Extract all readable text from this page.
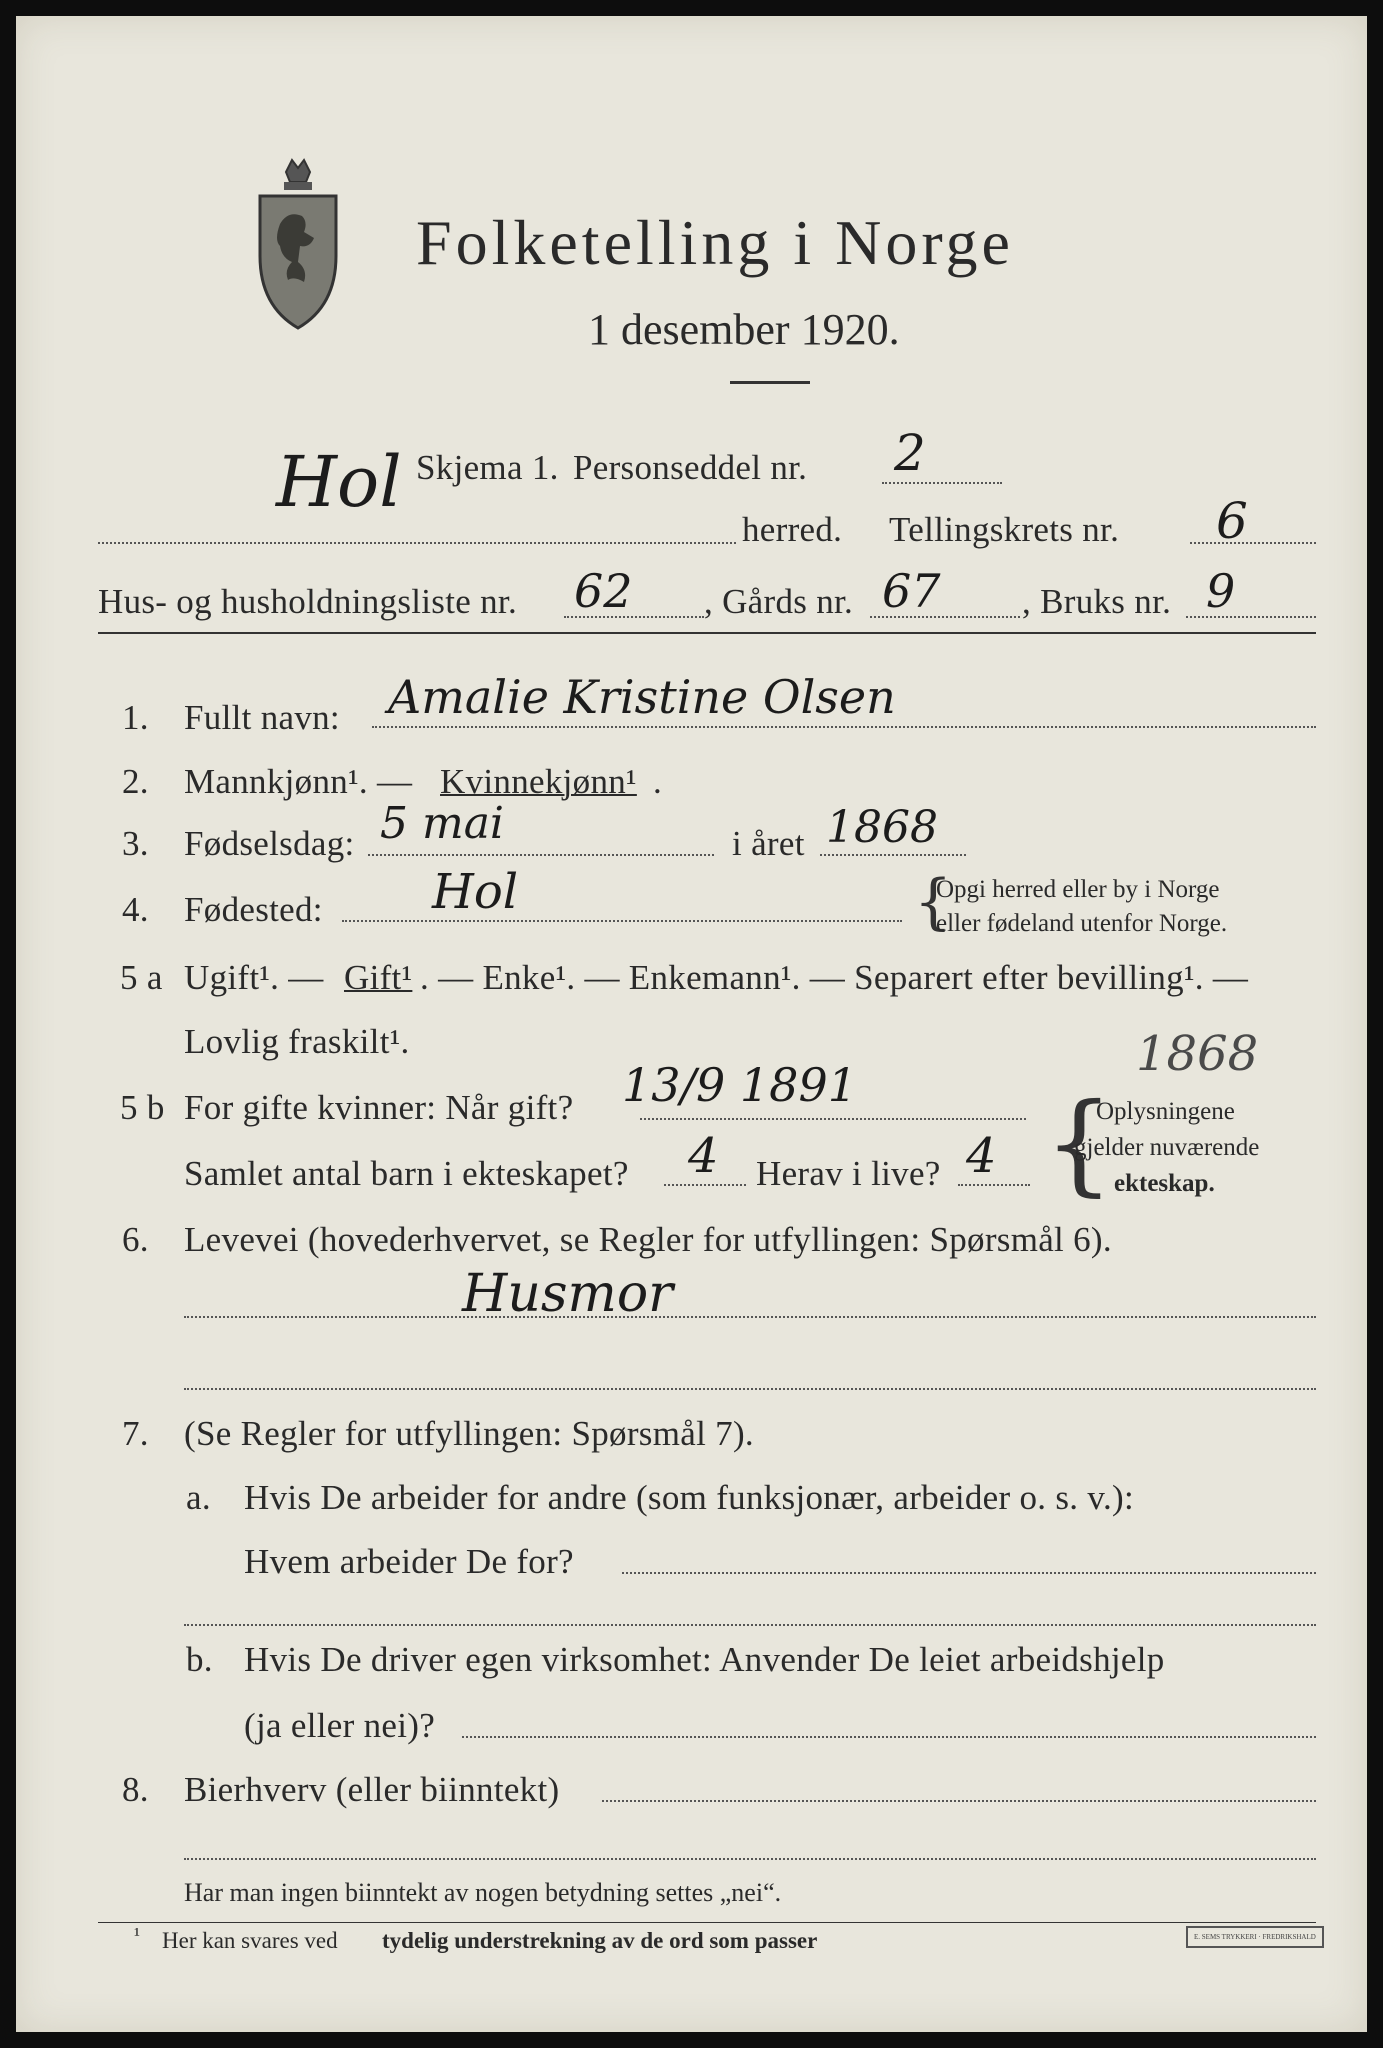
Folketelling i Norge
1 desember 1920.
Hol Skjema 1. Personseddel nr. 2
herred. Tellingskrets nr. 6
Hus- og husholdningsliste nr. 62 , Gårds nr. 67 , Bruks nr. 9
1. Fullt navn: Amalie Kristine Olsen
2. Mannkjønn¹. — Kvinnekjønn¹ .
3. Fødselsdag: 5 mai	i året 1868
4. Fødested: Hol	{
Opgi herred eller by i Norge
eller fødeland utenfor Norge.
5 a Ugift¹. — Gift¹ . — Enke¹. — Enkemann¹. — Separert efter bevilling¹. —
Lovlig fraskilt¹.	1868
5 b For gifte kvinner: Når gift? 13/9 1891
Samlet antal barn i ekteskapet? 4 Herav i live? 4 {
Oplysningene
gjelder nuværende
ekteskap.
6. Levevei (hovederhvervet, se Regler for utfyllingen: Spørsmål 6).
Husmor
7. (Se Regler for utfyllingen: Spørsmål 7).
a. Hvis De arbeider for andre (som funksjonær, arbeider o. s. v.):
Hvem arbeider De for?
b. Hvis De driver egen virksomhet: Anvender De leiet arbeidshjelp
(ja eller nei)?
8. Bierhverv (eller biinntekt)
Har man ingen biinntekt av nogen betydning settes „nei“.
¹ Her kan svares ved tydelig understrekning av de ord som passer	E. SEMS TRYKKERI · FREDRIKSHALD
